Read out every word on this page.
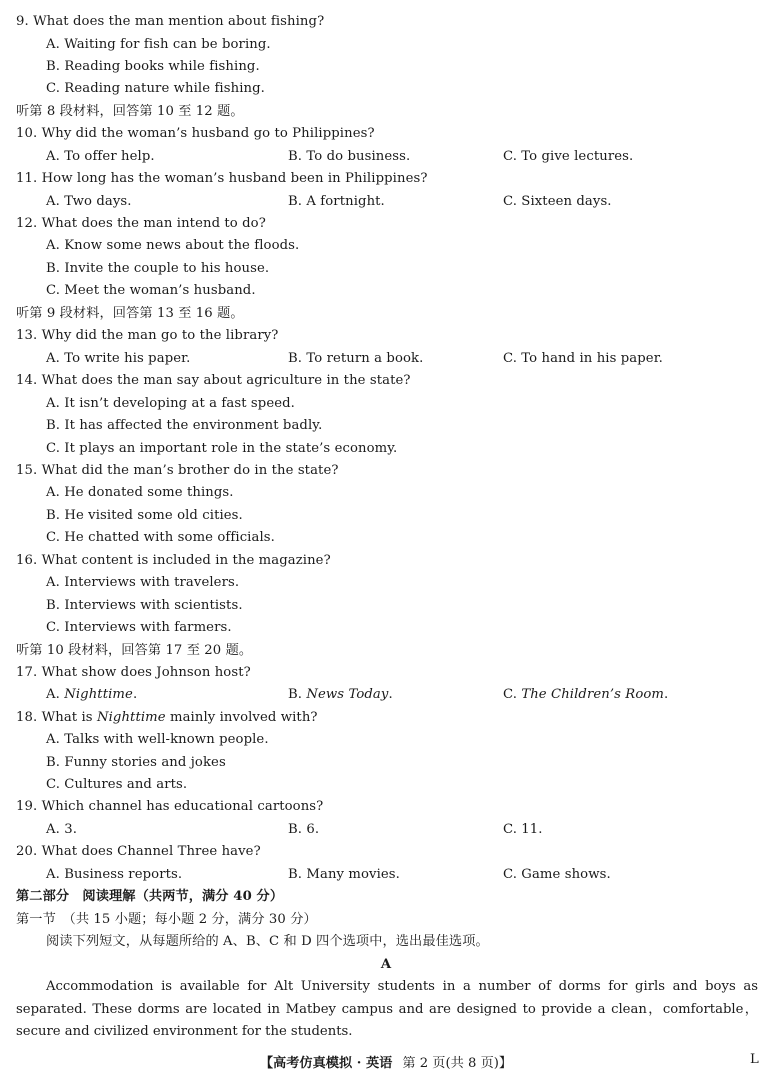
9. What does the man mention about fishing?
A. Waiting for fish can be boring.
B. Reading books while fishing.
C. Reading nature while fishing.
听第 8 段材料，回答第 10 至 12 题。
10. Why did the woman’s husband go to Philippines?
A. To offer help.	B. To do business.	C. To give lectures.
11. How long has the woman’s husband been in Philippines?
A. Two days.	B. A fortnight.	C. Sixteen days.
12. What does the man intend to do?
A. Know some news about the floods.
B. Invite the couple to his house.
C. Meet the woman’s husband.
听第 9 段材料，回答第 13 至 16 题。
13. Why did the man go to the library?
A. To write his paper.	B. To return a book.	C. To hand in his paper.
14. What does the man say about agriculture in the state?
A. It isn’t developing at a fast speed.
B. It has affected the environment badly.
C. It plays an important role in the state’s economy.
15. What did the man’s brother do in the state?
A. He donated some things.
B. He visited some old cities.
C. He chatted with some officials.
16. What content is included in the magazine?
A. Interviews with travelers.
B. Interviews with scientists.
C. Interviews with farmers.
听第 10 段材料，回答第 17 至 20 题。
17. What show does Johnson host?
A. Nighttime.	B. News Today.	C. The Children’s Room.
18. What is Nighttime mainly involved with?
A. Talks with well-known people.
B. Funny stories and jokes
C. Cultures and arts.
19. Which channel has educational cartoons?
A. 3.	B. 6.	C. 11.
20. What does Channel Three have?
A. Business reports.	B. Many movies.	C. Game shows.
第二部分　阅读理解（共两节，满分 40 分）
第一节　（共 15 小题；每小题 2 分，满分 30 分）
阅读下列短文，从每题所给的 A、B、C 和 D 四个选项中，选出最佳选项。
A
Accommodation is available for Alt University students in a number of dorms for girls and boys as separated. These dorms are located in Matbey campus and are designed to provide a clean，comfortable，secure and civilized environment for the students.
【高考仿真模拟 · 英语 第 2 页(共 8 页)】	L
